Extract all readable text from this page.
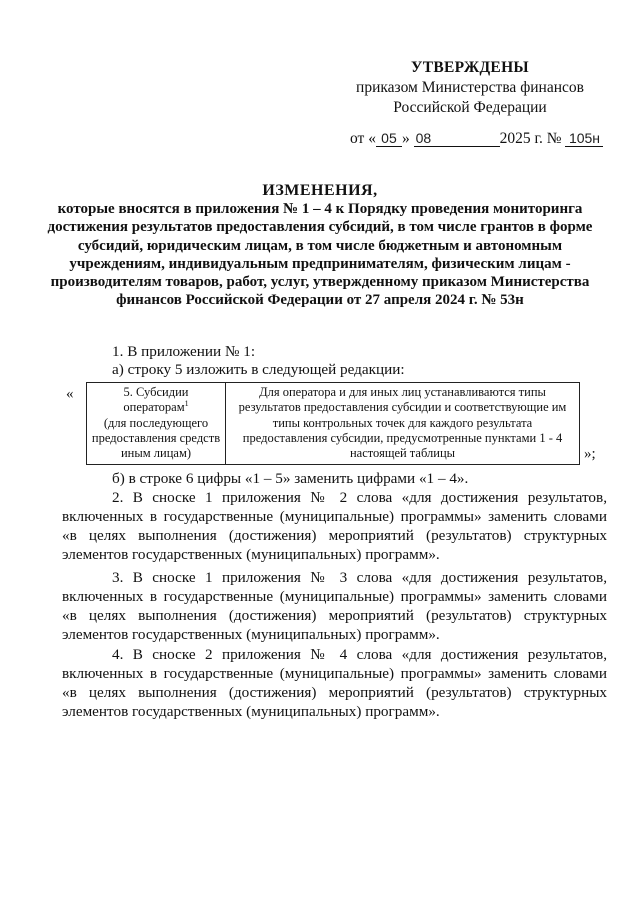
УТВЕРЖДЕНЫ
приказом Министерства финансов
Российской Федерации
от « 05 » 08	2025 г. № 105н
ИЗМЕНЕНИЯ,
которые вносятся в приложения № 1 – 4 к Порядку проведения мониторинга достижения результатов предоставления субсидий, в том числе грантов в форме субсидий, юридическим лицам, в том числе бюджетным и автономным учреждениям, индивидуальным предпринимателям, физическим лицам - производителям товаров, работ, услуг, утвержденному приказом Министерства финансов Российской Федерации от 27 апреля 2024 г. № 53н
1. В приложении № 1:
а) строку 5 изложить в следующей редакции:
«	5. Субсидии операторам$^1$
(для последующего предоставления средств иным лицам)	Для оператора и для иных лиц устанавливаются типы результатов предоставления субсидии и соответствующие им типы контрольных точек для каждого результата предоставления субсидии, предусмотренные пунктами 1 - 4 настоящей таблицы	»;
б) в строке 6 цифры «1 – 5» заменить цифрами «1 – 4».
2. В сноске 1 приложения № 2 слова «для достижения результатов, включенных в государственные (муниципальные) программы» заменить словами «в целях выполнения (достижения) мероприятий (результатов) структурных элементов государственных (муниципальных) программ».
3. В сноске 1 приложения № 3 слова «для достижения результатов, включенных в государственные (муниципальные) программы» заменить словами «в целях выполнения (достижения) мероприятий (результатов) структурных элементов государственных (муниципальных) программ».
4. В сноске 2 приложения № 4 слова «для достижения результатов, включенных в государственные (муниципальные) программы» заменить словами «в целях выполнения (достижения) мероприятий (результатов) структурных элементов государственных (муниципальных) программ».
